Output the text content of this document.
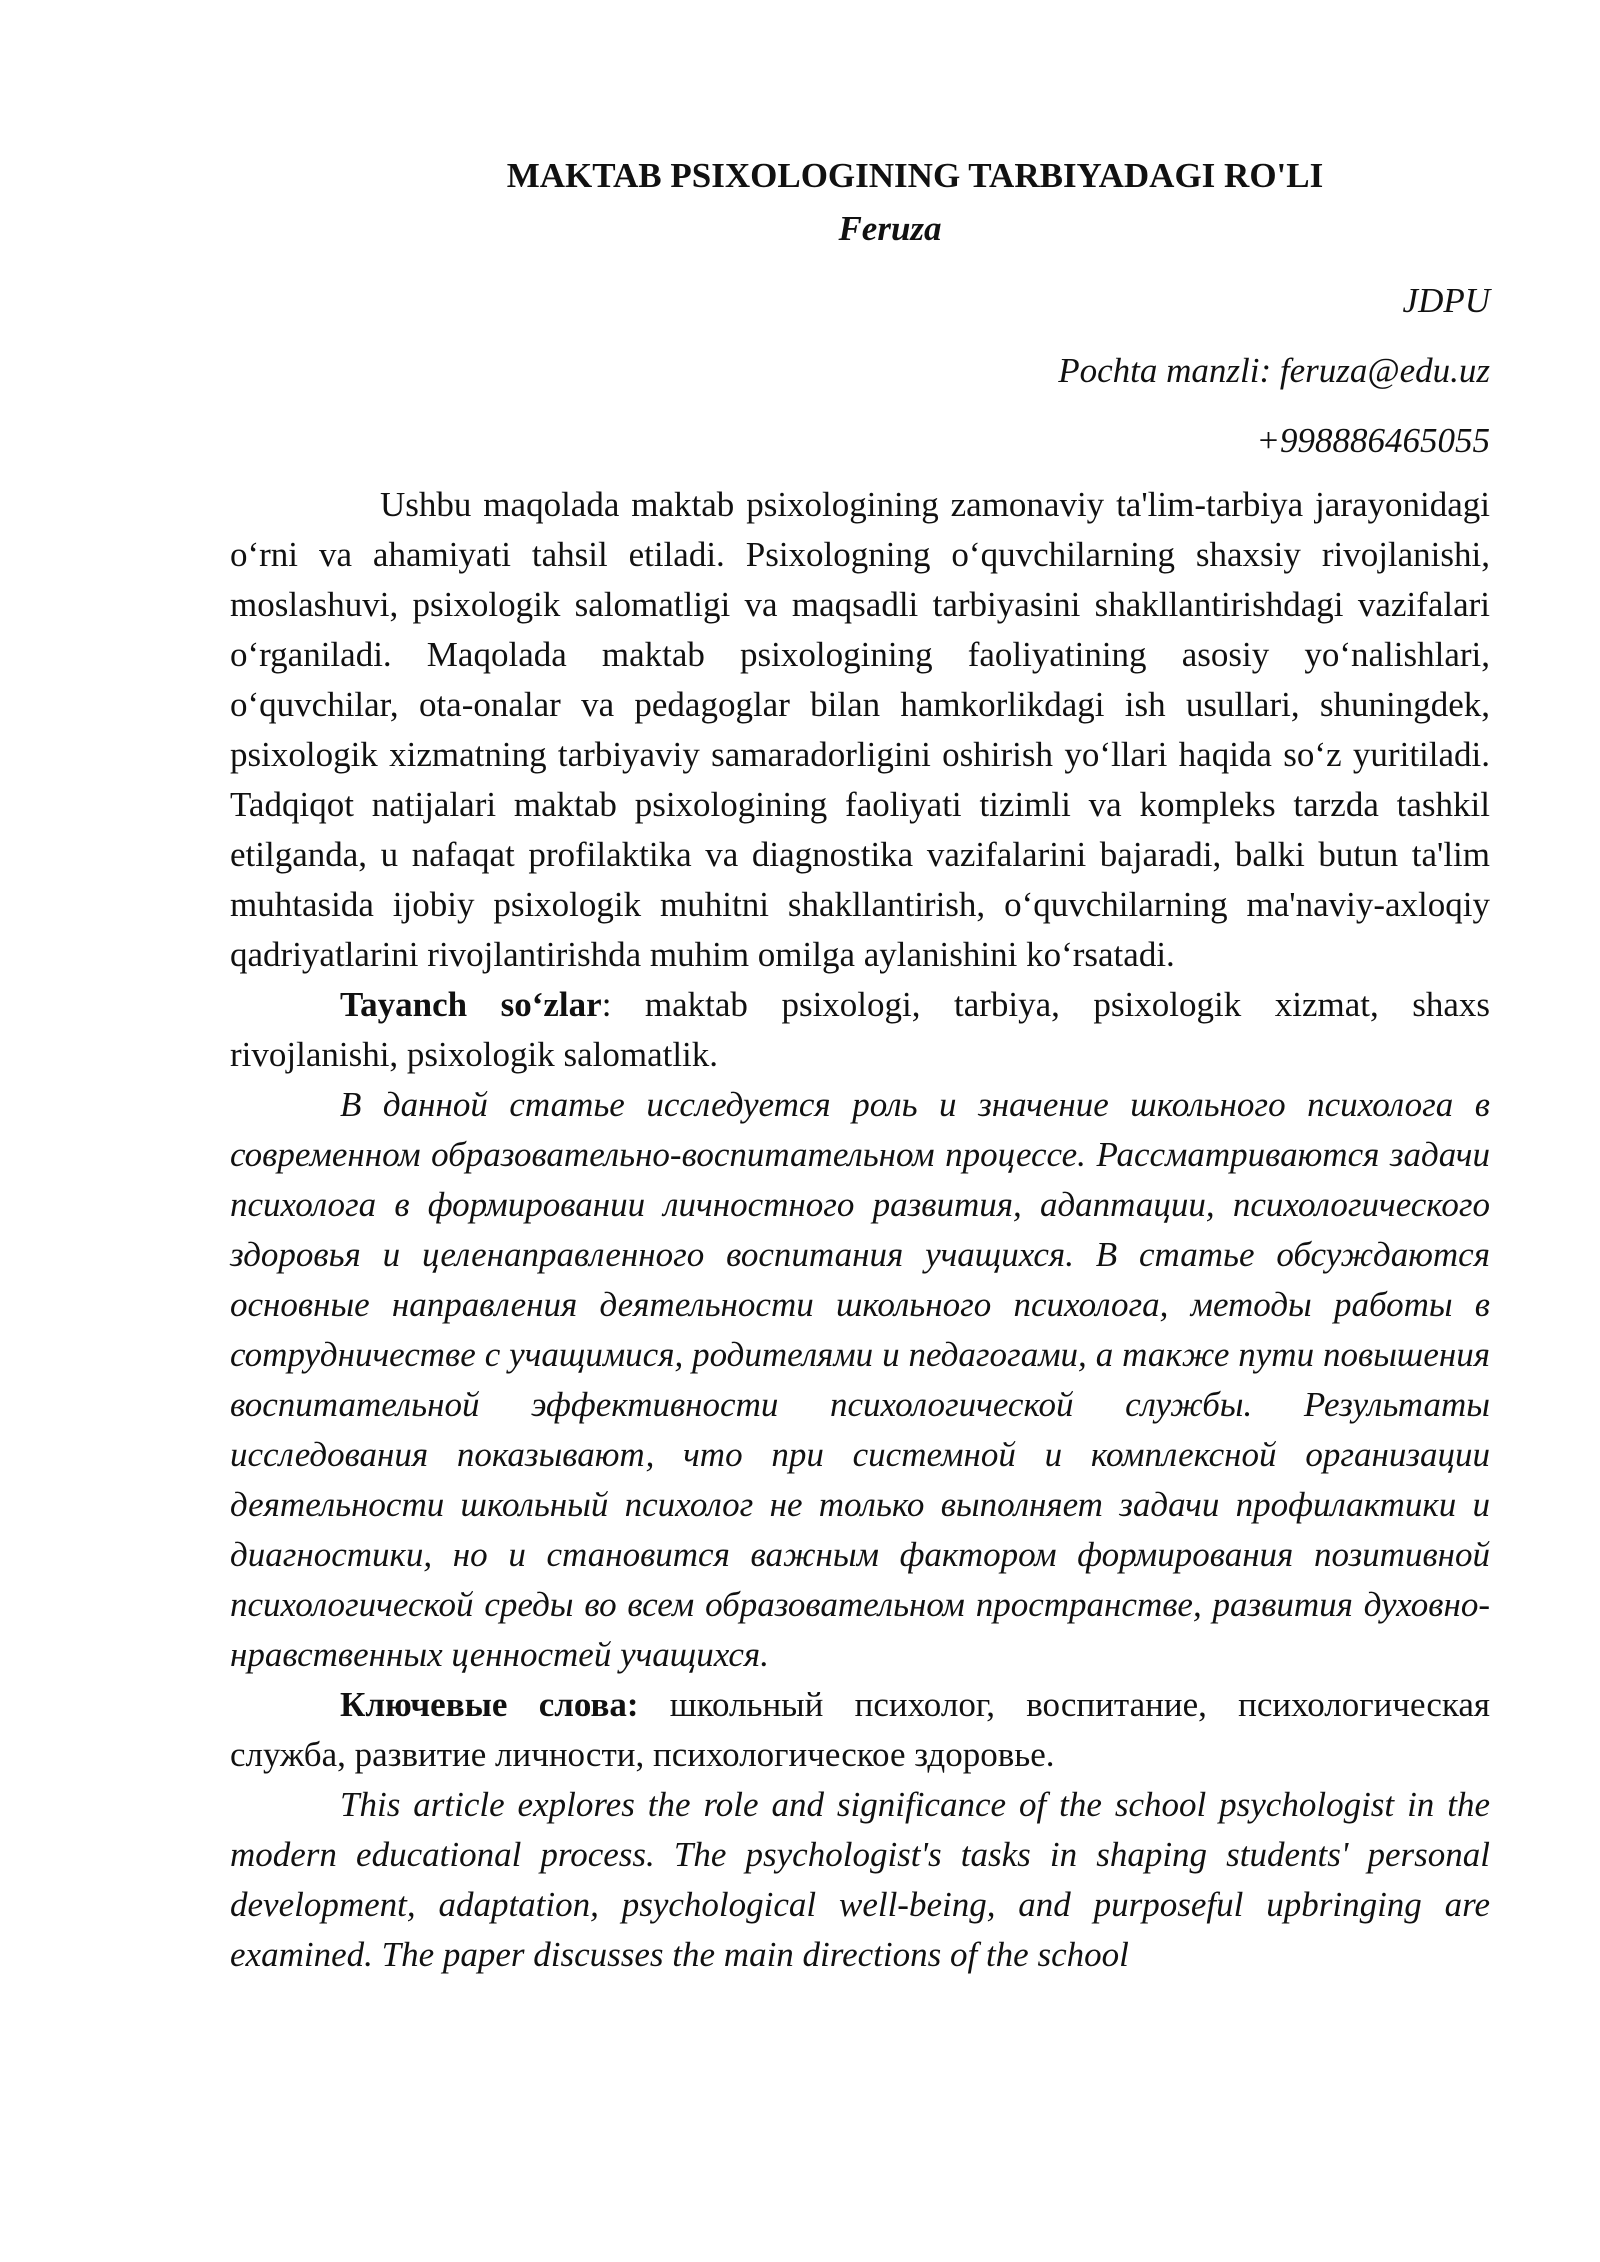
MAKTAB PSIXOLOGINING TARBIYADAGI RO'LI

Feruza

JDPU

Pochta manzli: feruza@edu.uz

+998886465055

Ushbu maqolada maktab psixologining zamonaviy ta'lim-tarbiya jarayonidagi o‘rni va ahamiyati tahsil etiladi. Psixologning o‘quvchilarning shaxsiy rivojlanishi, moslashuvi, psixologik salomatligi va maqsadli tarbiyasini shakllantirishdagi vazifalari o‘rganiladi. Maqolada maktab psixologining faoliyatining asosiy yo‘nalishlari, o‘quvchilar, ota-onalar va pedagoglar bilan hamkorlikdagi ish usullari, shuningdek, psixologik xizmatning tarbiyaviy samaradorligini oshirish yo‘llari haqida so‘z yuritiladi. Tadqiqot natijalari maktab psixologining faoliyati tizimli va kompleks tarzda tashkil etilganda, u nafaqat profilaktika va diagnostika vazifalarini bajaradi, balki butun ta'lim muhtasida ijobiy psixologik muhitni shakllantirish, o‘quvchilarning ma'naviy-axloqiy qadriyatlarini rivojlantirishda muhim omilga aylanishini ko‘rsatadi.

Tayanch so‘zlar: maktab psixologi, tarbiya, psixologik xizmat, shaxs rivojlanishi, psixologik salomatlik.

В данной статье исследуется роль и значение школьного психолога в современном образовательно-воспитательном процессе. Рассматриваются задачи психолога в формировании личностного развития, адаптации, психологического здоровья и целенаправленного воспитания учащихся. В статье обсуждаются основные направления деятельности школьного психолога, методы работы в сотрудничестве с учащимися, родителями и педагогами, а также пути повышения воспитательной эффективности психологической службы. Результаты исследования показывают, что при системной и комплексной организации деятельности школьный психолог не только выполняет задачи профилактики и диагностики, но и становится важным фактором формирования позитивной психологической среды во всем образовательном пространстве, развития духовно-нравственных ценностей учащихся.

Ключевые слова: школьный психолог, воспитание, психологическая служба, развитие личности, психологическое здоровье.

This article explores the role and significance of the school psychologist in the modern educational process. The psychologist's tasks in shaping students' personal development, adaptation, psychological well-being, and purposeful upbringing are examined. The paper discusses the main directions of the school
